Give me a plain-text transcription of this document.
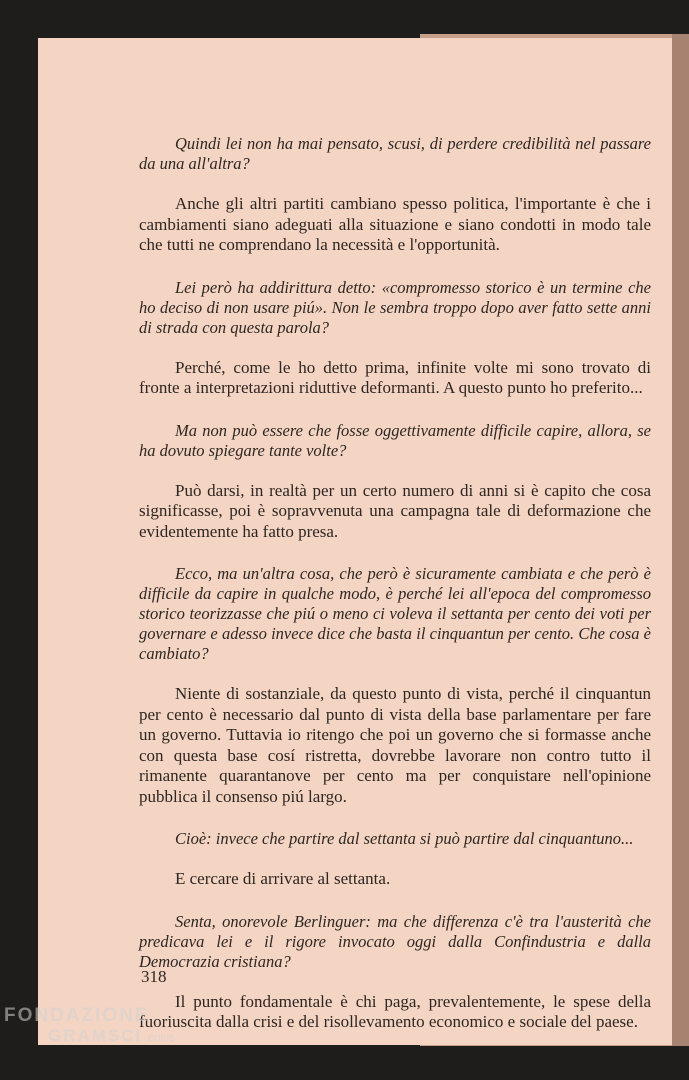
Quindi lei non ha mai pensato, scusi, di perdere credibilità nel passare da una all'altra?

Anche gli altri partiti cambiano spesso politica, l'importante è che i cambiamenti siano adeguati alla situazione e siano condotti in modo tale che tutti ne comprendano la necessità e l'opportunità.

Lei però ha addirittura detto: «compromesso storico è un termine che ho deciso di non usare piú». Non le sembra troppo dopo aver fatto sette anni di strada con questa parola?

Perché, come le ho detto prima, infinite volte mi sono trovato di fronte a interpretazioni riduttive deformanti. A questo punto ho preferito...

Ma non può essere che fosse oggettivamente difficile capire, allora, se ha dovuto spiegare tante volte?

Può darsi, in realtà per un certo numero di anni si è capito che cosa significasse, poi è sopravvenuta una campagna tale di deformazione che evidentemente ha fatto presa.

Ecco, ma un'altra cosa, che però è sicuramente cambiata e che però è difficile da capire in qualche modo, è perché lei all'epoca del compromesso storico teorizzasse che piú o meno ci voleva il settanta per cento dei voti per governare e adesso invece dice che basta il cinquantun per cento. Che cosa è cambiato?

Niente di sostanziale, da questo punto di vista, perché il cinquantun per cento è necessario dal punto di vista della base parlamentare per fare un governo. Tuttavia io ritengo che poi un governo che si formasse anche con questa base cosí ristretta, dovrebbe lavorare non contro tutto il rimanente quarantanove per cento ma per conquistare nell'opinione pubblica il consenso piú largo.

Cioè: invece che partire dal settanta si può partire dal cinquantuno...

E cercare di arrivare al settanta.

Senta, onorevole Berlinguer: ma che differenza c'è tra l'austerità che predicava lei e il rigore invocato oggi dalla Confindustria e dalla Democrazia cristiana?

Il punto fondamentale è chi paga, prevalentemente, le spese della fuoriuscita dalla crisi e del risollevamento economico e sociale del paese.

318
FONDAZIONE
GRAMSCI onlus
